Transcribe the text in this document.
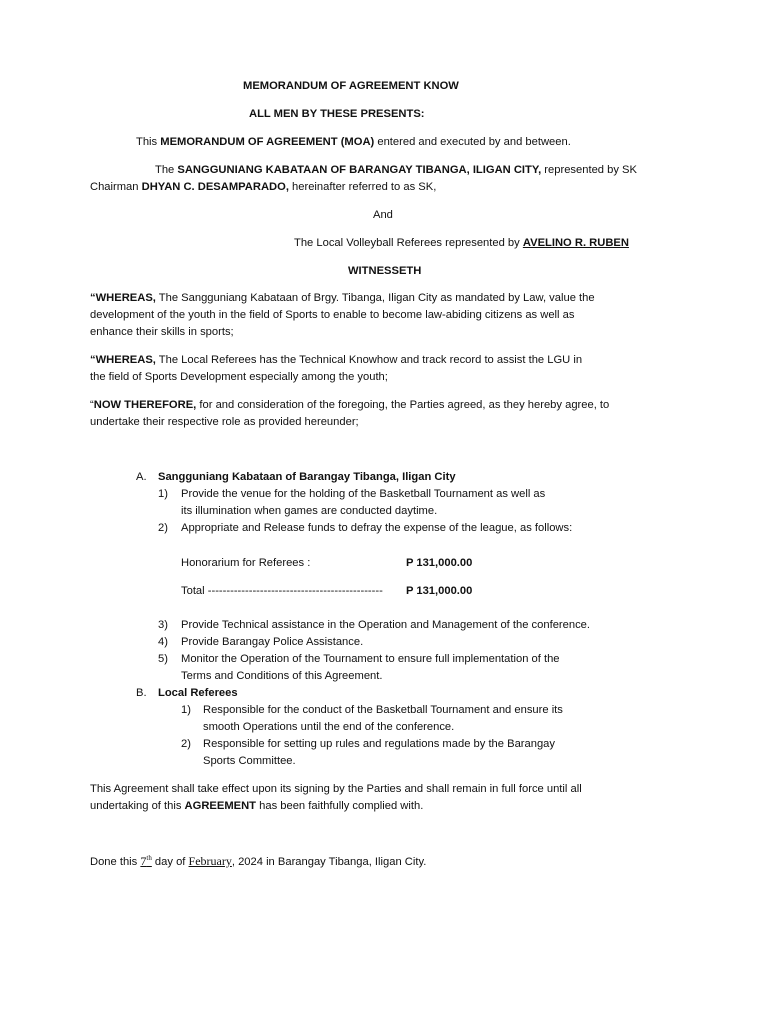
MEMORANDUM OF AGREEMENT KNOW
ALL MEN BY THESE PRESENTS:
This MEMORANDUM OF AGREEMENT (MOA) entered and executed by and between.
The SANGGUNIANG KABATAAN OF BARANGAY TIBANGA, ILIGAN CITY, represented by SK
Chairman DHYAN C. DESAMPARADO, hereinafter referred to as SK,
And
The Local Volleyball Referees represented by AVELINO R. RUBEN
WITNESSETH
“WHEREAS, The Sangguniang Kabataan of Brgy. Tibanga, Iligan City as mandated by Law, value the
development of the youth in the field of Sports to enable to become law-abiding citizens as well as
enhance their skills in sports;
“WHEREAS, The Local Referees has the Technical Knowhow and track record to assist the LGU in
the field of Sports Development especially among the youth;
“NOW THEREFORE, for and consideration of the foregoing, the Parties agreed, as they hereby agree, to
undertake their respective role as provided hereunder;
A. Sangguniang Kabataan of Barangay Tibanga, Iligan City
1) Provide the venue for the holding of the Basketball Tournament as well as
its illumination when games are conducted daytime.
2) Appropriate and Release funds to defray the expense of the league, as follows:
Honorarium for Referees :	P 131,000.00
Total -----------------------------------------------	P 131,000.00
3) Provide Technical assistance in the Operation and Management of the conference.
4) Provide Barangay Police Assistance.
5) Monitor the Operation of the Tournament to ensure full implementation of the
Terms and Conditions of this Agreement.
B. Local Referees
1) Responsible for the conduct of the Basketball Tournament and ensure its
smooth Operations until the end of the conference.
2) Responsible for setting up rules and regulations made by the Barangay
Sports Committee.
This Agreement shall take effect upon its signing by the Parties and shall remain in full force until all
undertaking of this AGREEMENT has been faithfully complied with.
Done this 7th day of February, 2024 in Barangay Tibanga, Iligan City.
